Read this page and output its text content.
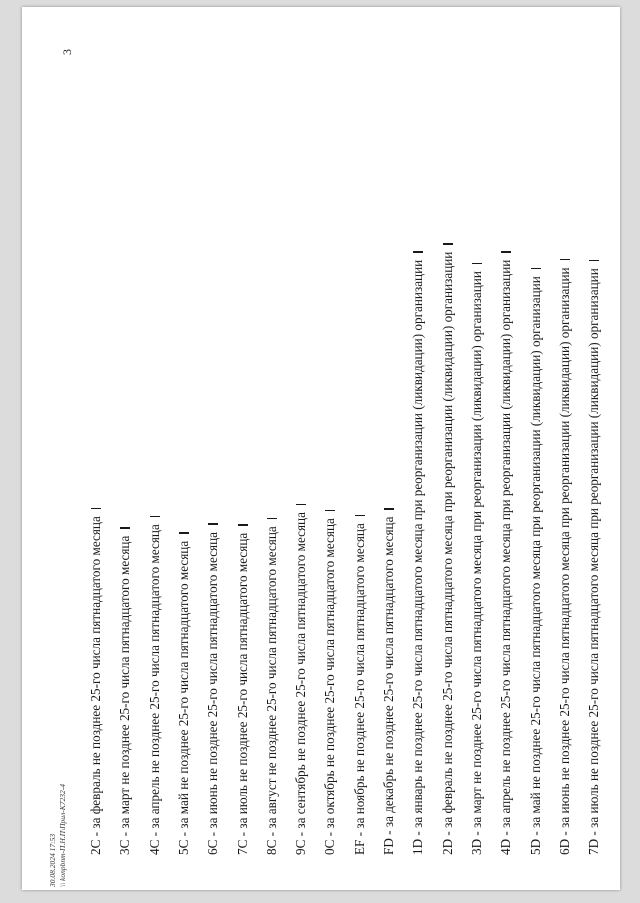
3
30.08.2024 17:53 \\ konpbnm-П.Н.П\Прил-К7232-4 2С - за февраль не позднее 25-го числа пятнадцатого месяца
3С - за март не позднее 25-го числа пятнадцатого месяца
4С - за апрель не позднее 25-го числа пятнадцатого месяца
5С - за май не позднее 25-го числа пятнадцатого месяца
6С - за июнь не позднее 25-го числа пятнадцатого месяца
7С - за июль не позднее 25-го числа пятнадцатого месяца
8С - за август не позднее 25-го числа пятнадцатого месяца
9С - за сентябрь не позднее 25-го числа пятнадцатого месяца
0С - за октябрь не позднее 25-го числа пятнадцатого месяца
EF - за ноябрь не позднее 25-го числа пятнадцатого месяца
FD - за декабрь не позднее 25-го числа пятнадцатого месяца
1D - за январь не позднее 25-го числа пятнадцатого месяца при реорганизации (ликвидации) организации
2D - за февраль не позднее 25-го числа пятнадцатого месяца при реорганизации (ликвидации) организации
3D - за март не позднее 25-го числа пятнадцатого месяца при реорганизации (ликвидации) организации
4D - за апрель не позднее 25-го числа пятнадцатого месяца при реорганизации (ликвидации) организации
5D - за май не позднее 25-го числа пятнадцатого месяца при реорганизации (ликвидации) организации
6D - за июнь не позднее 25-го числа пятнадцатого месяца при реорганизации (ликвидации) организации
7D - за июль не позднее 25-го числа пятнадцатого месяца при реорганизации (ликвидации) организации
